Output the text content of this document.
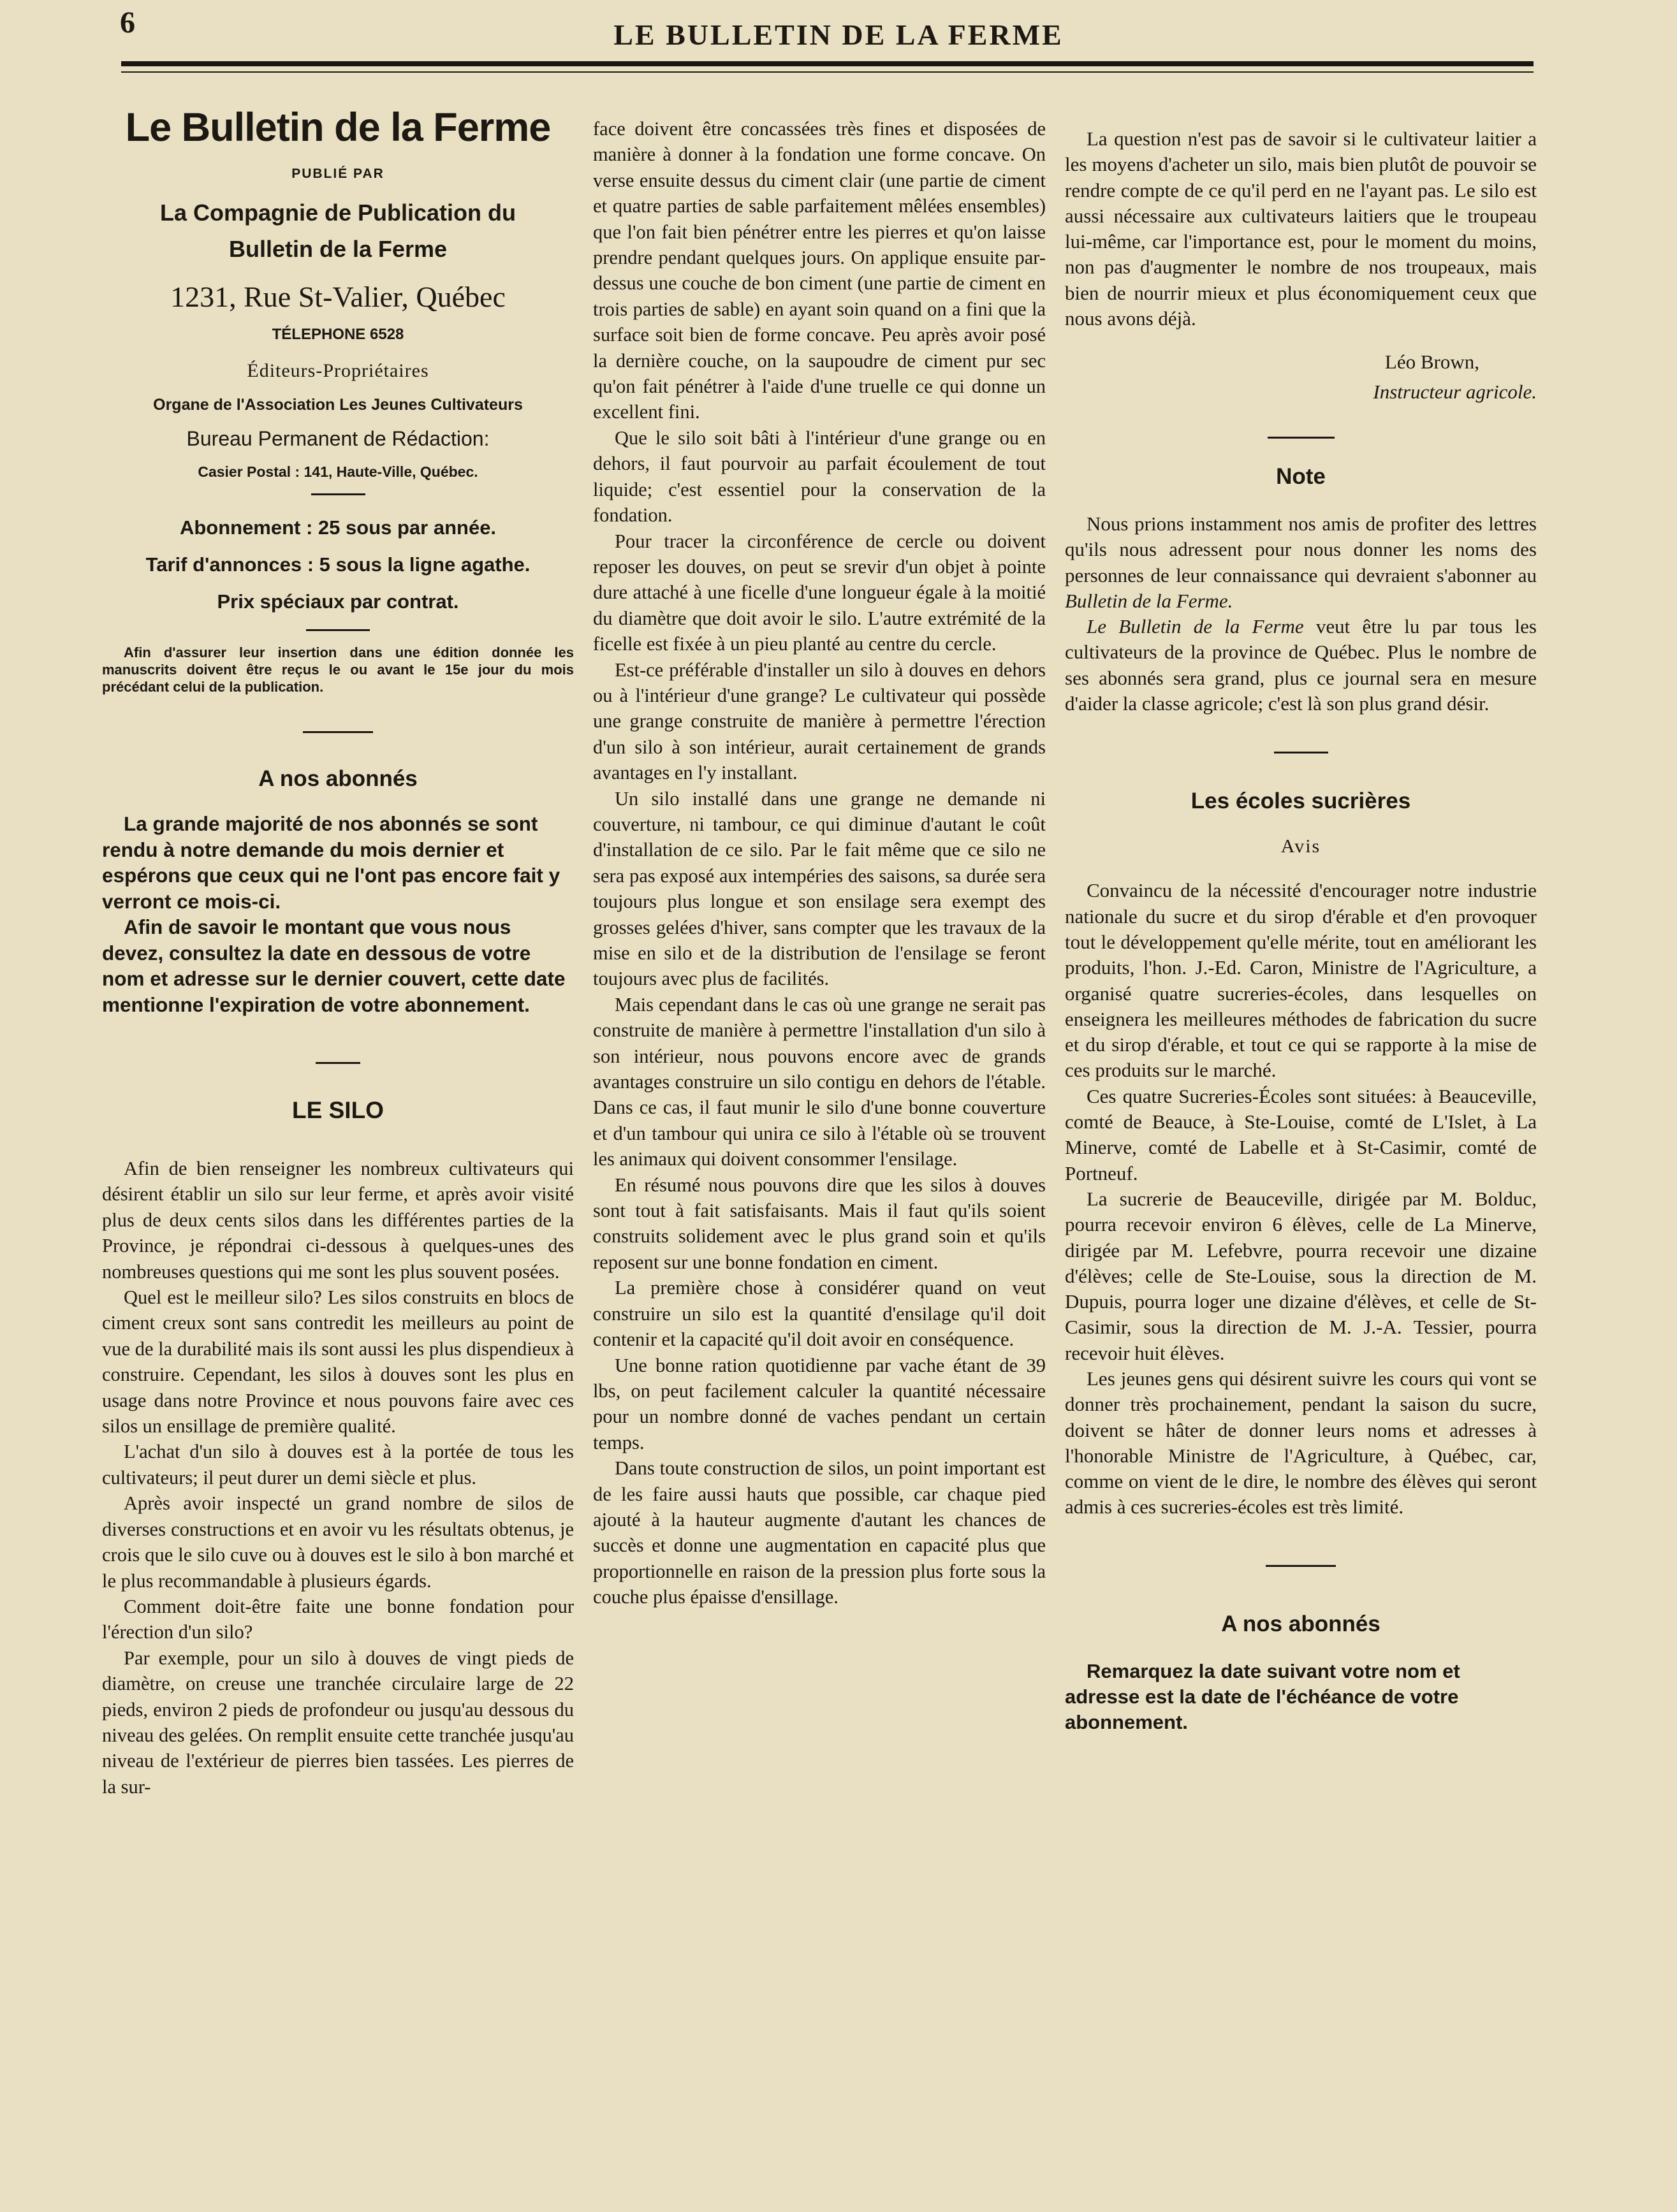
6	LE BULLETIN DE LA FERME
Le Bulletin de la Ferme
PUBLIÉ PAR
La Compagnie de Publication du
Bulletin de la Ferme
1231, Rue St-Valier, Québec
TÉLEPHONE 6528
Éditeurs-Propriétaires
Organe de l'Association Les Jeunes Cultivateurs
Bureau Permanent de Rédaction:
Casier Postal : 141, Haute-Ville, Québec.
Abonnement : 25 sous par année.
Tarif d'annonces : 5 sous la ligne agathe.
Prix spéciaux par contrat.
Afin d'assurer leur insertion dans une édition donnée les manuscrits doivent être reçus le ou avant le 15e jour du mois précédant celui de la publication.
A nos abonnés

La grande majorité de nos abonnés se sont rendu à notre demande du mois dernier et espérons que ceux qui ne l'ont pas encore fait y verront ce mois-ci.

Afin de savoir le montant que vous nous devez, consultez la date en dessous de votre nom et adresse sur le dernier couvert, cette date mentionne l'expiration de votre abonnement.

LE SILO

Afin de bien renseigner les nombreux cultivateurs qui désirent établir un silo sur leur ferme, et après avoir visité plus de deux cents silos dans les différentes parties de la Province, je répondrai ci-dessous à quelques-unes des nombreuses questions qui me sont les plus souvent posées.

Quel est le meilleur silo? Les silos construits en blocs de ciment creux sont sans contredit les meilleurs au point de vue de la durabilité mais ils sont aussi les plus dispendieux à construire. Cependant, les silos à douves sont les plus en usage dans notre Province et nous pouvons faire avec ces silos un ensillage de première qualité.

L'achat d'un silo à douves est à la portée de tous les cultivateurs; il peut durer un demi siècle et plus.

Après avoir inspecté un grand nombre de silos de diverses constructions et en avoir vu les résultats obtenus, je crois que le silo cuve ou à douves est le silo à bon marché et le plus recommandable à plusieurs égards.

Comment doit-être faite une bonne fondation pour l'érection d'un silo?

Par exemple, pour un silo à douves de vingt pieds de diamètre, on creuse une tranchée circulaire large de 22 pieds, environ 2 pieds de profondeur ou jusqu'au dessous du niveau des gelées. On remplit ensuite cette tranchée jusqu'au niveau de l'extérieur de pierres bien tassées. Les pierres de la sur-

face doivent être concassées très fines et disposées de manière à donner à la fondation une forme concave. On verse ensuite dessus du ciment clair (une partie de ciment et quatre parties de sable parfaitement mêlées ensembles) que l'on fait bien pénétrer entre les pierres et qu'on laisse prendre pendant quelques jours. On applique ensuite par-dessus une couche de bon ciment (une partie de ciment en trois parties de sable) en ayant soin quand on a fini que la surface soit bien de forme concave. Peu après avoir posé la dernière couche, on la saupoudre de ciment pur sec qu'on fait pénétrer à l'aide d'une truelle ce qui donne un excellent fini.

Que le silo soit bâti à l'intérieur d'une grange ou en dehors, il faut pourvoir au parfait écoulement de tout liquide; c'est essentiel pour la conservation de la fondation.

Pour tracer la circonférence de cercle ou doivent reposer les douves, on peut se srevir d'un objet à pointe dure attaché à une ficelle d'une longueur égale à la moitié du diamètre que doit avoir le silo. L'autre extrémité de la ficelle est fixée à un pieu planté au centre du cercle.

Est-ce préférable d'installer un silo à douves en dehors ou à l'intérieur d'une grange? Le cultivateur qui possède une grange construite de manière à permettre l'érection d'un silo à son intérieur, aurait certainement de grands avantages en l'y installant.

Un silo installé dans une grange ne demande ni couverture, ni tambour, ce qui diminue d'autant le coût d'installation de ce silo. Par le fait même que ce silo ne sera pas exposé aux intempéries des saisons, sa durée sera toujours plus longue et son ensilage sera exempt des grosses gelées d'hiver, sans compter que les travaux de la mise en silo et de la distribution de l'ensilage se feront toujours avec plus de facilités.

Mais cependant dans le cas où une grange ne serait pas construite de manière à permettre l'installation d'un silo à son intérieur, nous pouvons encore avec de grands avantages construire un silo contigu en dehors de l'étable. Dans ce cas, il faut munir le silo d'une bonne couverture et d'un tambour qui unira ce silo à l'étable où se trouvent les animaux qui doivent consommer l'ensilage.

En résumé nous pouvons dire que les silos à douves sont tout à fait satisfaisants. Mais il faut qu'ils soient construits solidement avec le plus grand soin et qu'ils reposent sur une bonne fondation en ciment.

La première chose à considérer quand on veut construire un silo est la quantité d'ensilage qu'il doit contenir et la capacité qu'il doit avoir en conséquence.

Une bonne ration quotidienne par vache étant de 39 lbs, on peut facilement calculer la quantité nécessaire pour un nombre donné de vaches pendant un certain temps.

Dans toute construction de silos, un point important est de les faire aussi hauts que possible, car chaque pied ajouté à la hauteur augmente d'autant les chances de succès et donne une augmentation en capacité plus que proportionnelle en raison de la pression plus forte sous la couche plus épaisse d'ensillage.

La question n'est pas de savoir si le cultivateur laitier a les moyens d'acheter un silo, mais bien plutôt de pouvoir se rendre compte de ce qu'il perd en ne l'ayant pas. Le silo est aussi nécessaire aux cultivateurs laitiers que le troupeau lui-même, car l'importance est, pour le moment du moins, non pas d'augmenter le nombre de nos troupeaux, mais bien de nourrir mieux et plus économiquement ceux que nous avons déjà.

Léo Brown,

Instructeur agricole.

Note

Nous prions instamment nos amis de profiter des lettres qu'ils nous adressent pour nous donner les noms des personnes de leur connaissance qui devraient s'abonner au Bulletin de la Ferme.

Le Bulletin de la Ferme veut être lu par tous les cultivateurs de la province de Québec. Plus le nombre de ses abonnés sera grand, plus ce journal sera en mesure d'aider la classe agricole; c'est là son plus grand désir.

Les écoles sucrières
Avis

Convaincu de la nécessité d'encourager notre industrie nationale du sucre et du sirop d'érable et d'en provoquer tout le développement qu'elle mérite, tout en améliorant les produits, l'hon. J.-Ed. Caron, Ministre de l'Agriculture, a organisé quatre sucreries-écoles, dans lesquelles on enseignera les meilleures méthodes de fabrication du sucre et du sirop d'érable, et tout ce qui se rapporte à la mise de ces produits sur le marché.

Ces quatre Sucreries-Écoles sont situées: à Beauceville, comté de Beauce, à Ste-Louise, comté de L'Islet, à La Minerve, comté de Labelle et à St-Casimir, comté de Portneuf.

La sucrerie de Beauceville, dirigée par M. Bolduc, pourra recevoir environ 6 élèves, celle de La Minerve, dirigée par M. Lefebvre, pourra recevoir une dizaine d'élèves; celle de Ste-Louise, sous la direction de M. Dupuis, pourra loger une dizaine d'élèves, et celle de St-Casimir, sous la direction de M. J.-A. Tessier, pourra recevoir huit élèves.

Les jeunes gens qui désirent suivre les cours qui vont se donner très prochainement, pendant la saison du sucre, doivent se hâter de donner leurs noms et adresses à l'honorable Ministre de l'Agriculture, à Québec, car, comme on vient de le dire, le nombre des élèves qui seront admis à ces sucreries-écoles est très limité.

A nos abonnés

Remarquez la date suivant votre nom et adresse est la date de l'échéance de votre abonnement.
